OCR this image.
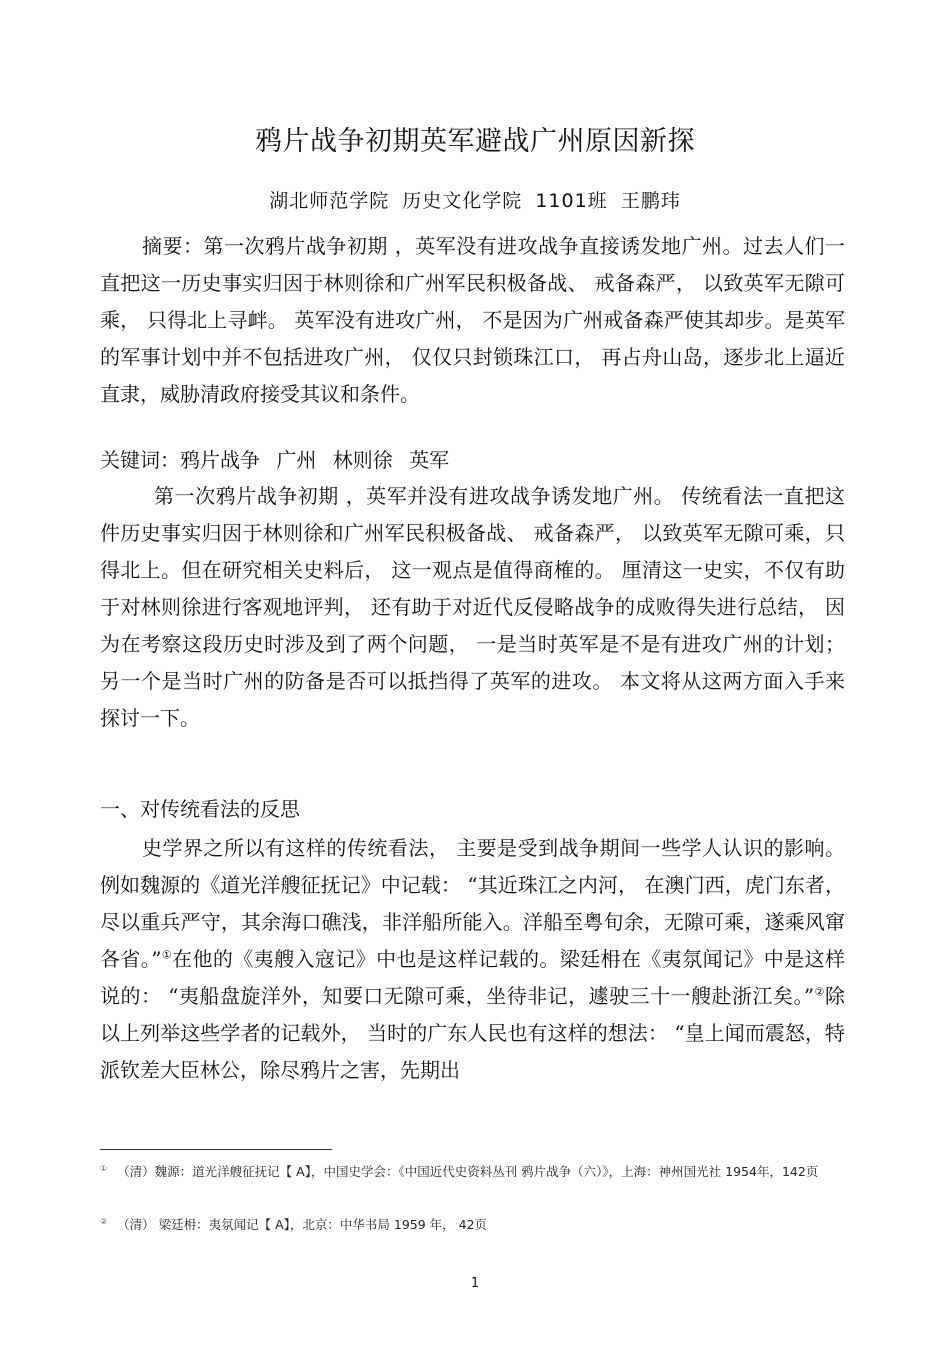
鸦片战争初期英军避战广州原因新探
湖北师范学院 历史文化学院 1101班 王鹏玮
摘要：第一次鸦片战争初期 ，英军没有进攻战争直接诱发地广州。过去人们一直把这一历史事实归因于林则徐和广州军民积极备战、 戒备森严， 以致英军无隙可乘， 只得北上寻衅。 英军没有进攻广州， 不是因为广州戒备森严使其却步。是英军的军事计划中并不包括进攻广州， 仅仅只封锁珠江口， 再占舟山岛，逐步北上逼近直隶，威胁清政府接受其议和条件。
关键词：鸦片战争 广州 林则徐 英军
第一次鸦片战争初期 ，英军并没有进攻战争诱发地广州。 传统看法一直把这件历史事实归因于林则徐和广州军民积极备战、 戒备森严， 以致英军无隙可乘，只得北上。但在研究相关史料后， 这一观点是值得商榷的。 厘清这一史实，不仅有助于对林则徐进行客观地评判， 还有助于对近代反侵略战争的成败得失进行总结， 因为在考察这段历史时涉及到了两个问题， 一是当时英军是不是有进攻广州的计划； 另一个是当时广州的防备是否可以抵挡得了英军的进攻。 本文将从这两方面入手来探讨一下。
一、对传统看法的反思
史学界之所以有这样的传统看法， 主要是受到战争期间一些学人认识的影响。例如魏源的《道光洋艘征抚记》中记载： “其近珠江之内河， 在澳门西，虎门东者，尽以重兵严守，其余海口礁浅，非洋船所能入。洋船至粤旬余，无隙可乘，遂乘风窜各省。”①在他的《夷艘入寇记》中也是这样记载的。梁廷枏在《夷氛闻记》中是这样说的： “夷船盘旋洋外，知要口无隙可乘，坐待非记，遽驶三十一艘赴浙江矣。”②除以上列举这些学者的记载外， 当时的广东人民也有这样的想法： “皇上闻而震怒，特派钦差大臣林公，除尽鸦片之害，先期出
① （清）魏源：道光洋艘征抚记【 A】，中国史学会：《中国近代史资料丛刊 鸦片战争（六）》，上海：神州国光社 1954年，142页
② （清） 梁廷枏：夷氛闻记【 A】，北京：中华书局 1959 年， 42页
1
